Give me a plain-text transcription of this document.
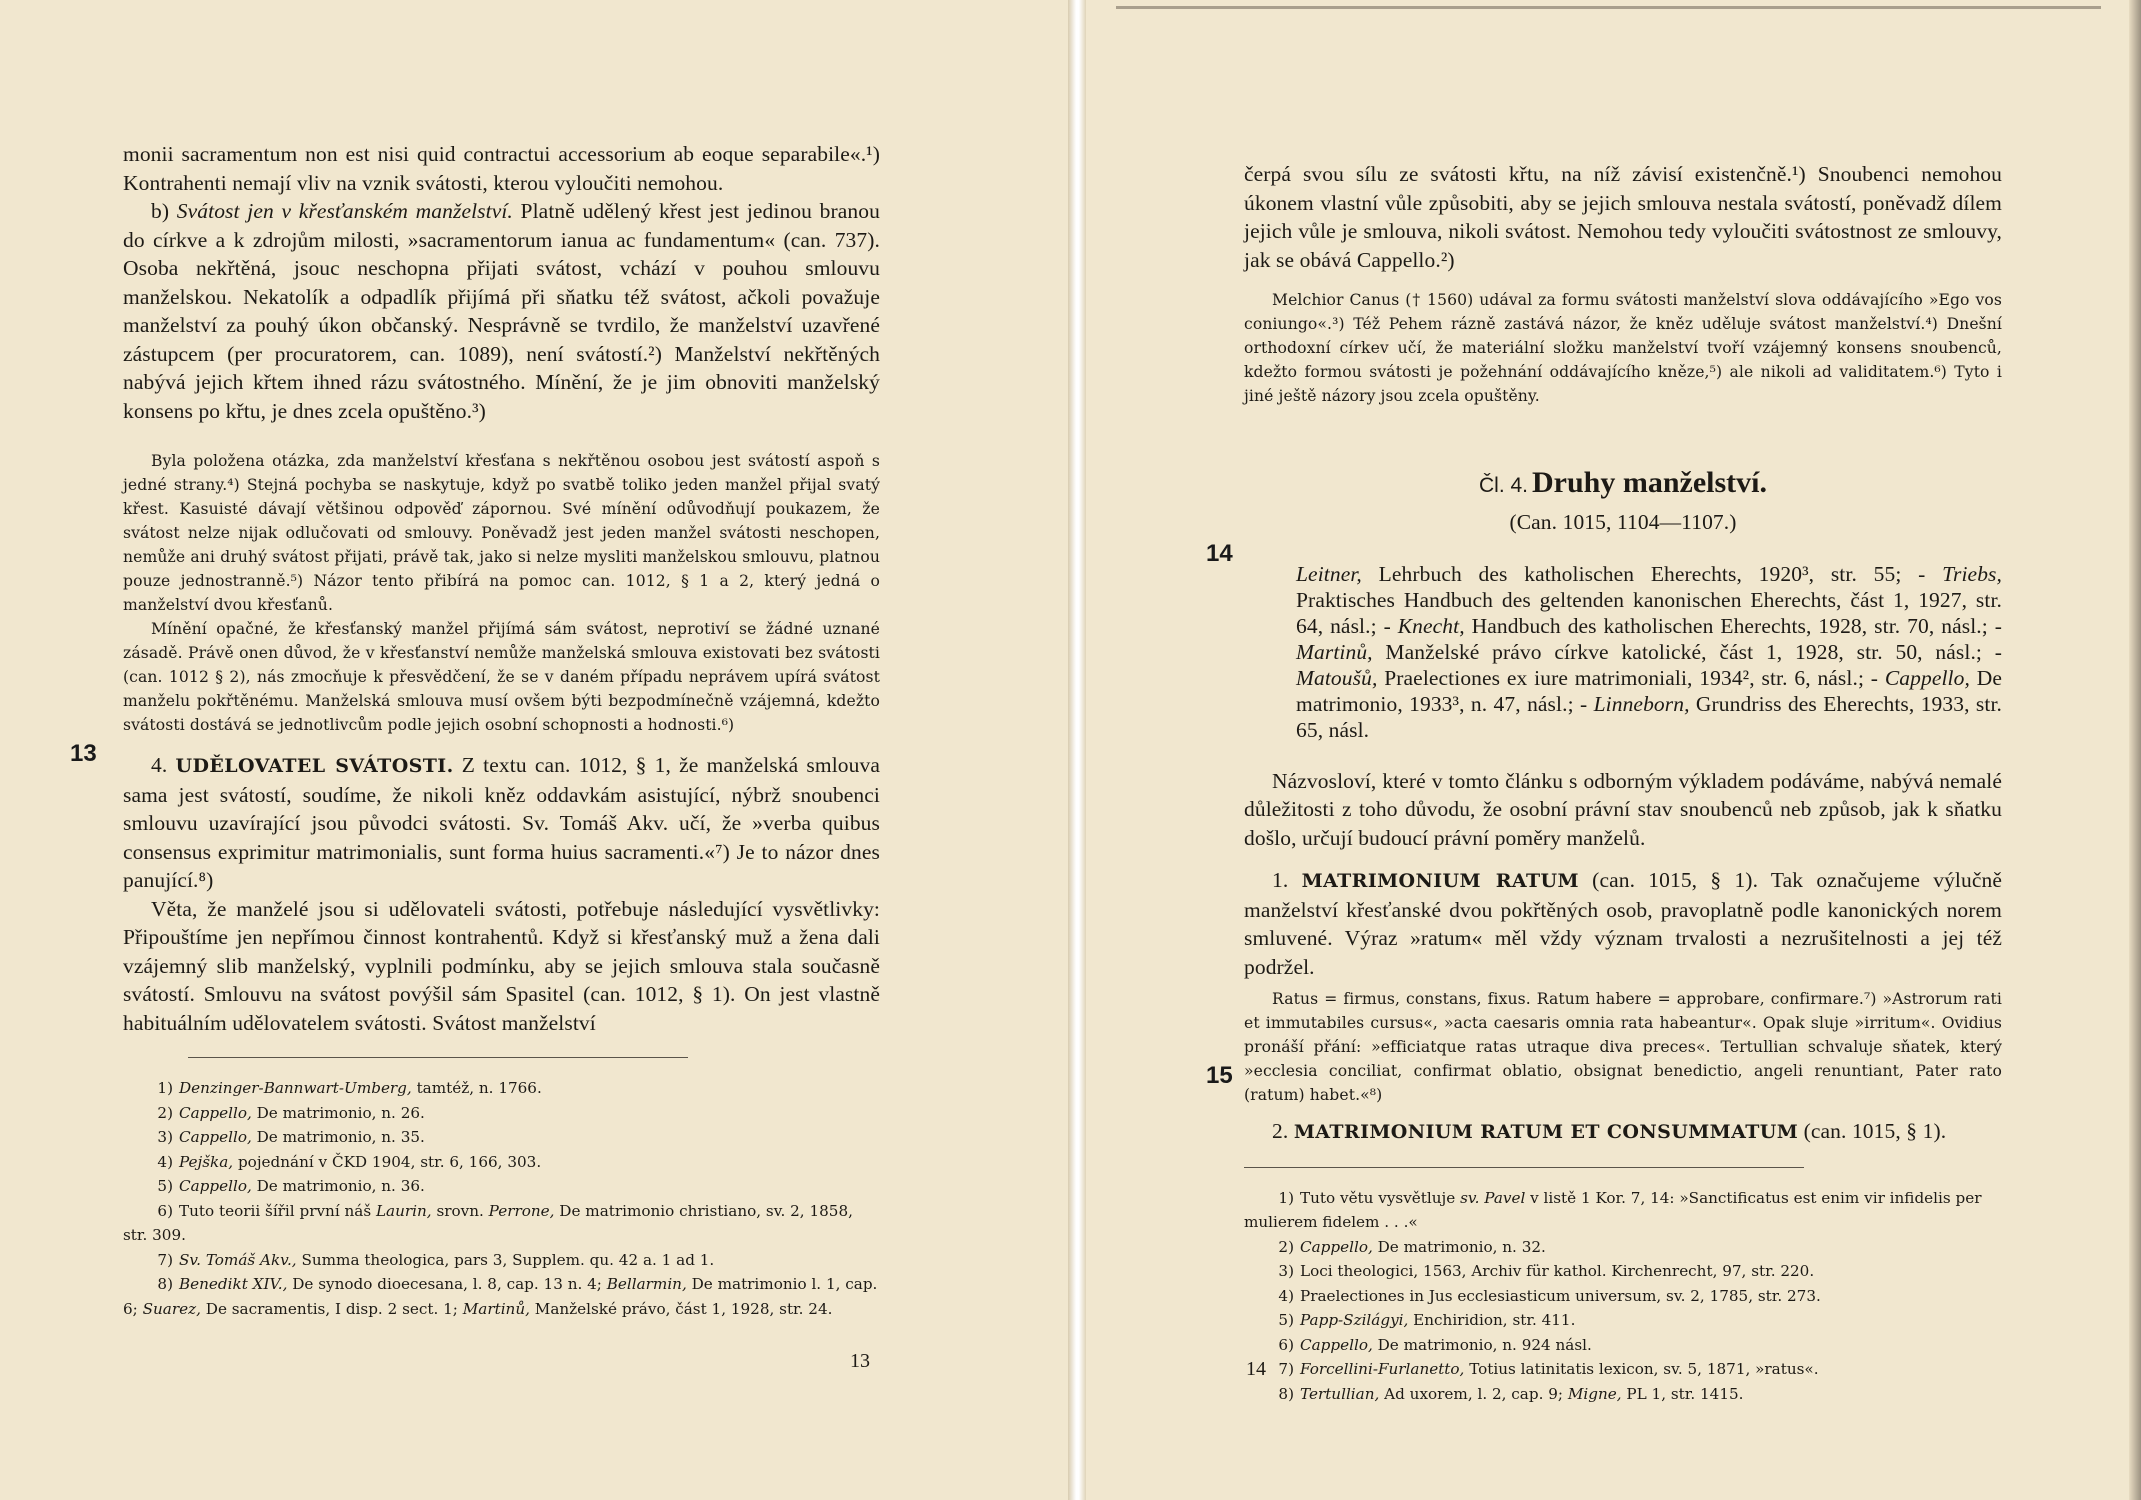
monii sacramentum non est nisi quid contractui accessorium ab eoque separabile«.¹) Kontrahenti nemají vliv na vznik svátosti, kterou vyloučiti nemohou.

b) Svátost jen v křesťanském manželství. Platně udělený křest jest jedinou branou do církve a k zdrojům milosti, »sacramentorum ianua ac fundamentum« (can. 737). Osoba nekřtěná, jsouc neschopna přijati svátost, vchází v pouhou smlouvu manželskou. Nekatolík a odpadlík přijímá při sňatku též svátost, ačkoli považuje manželství za pouhý úkon občanský. Nesprávně se tvrdilo, že manželství uzavřené zástupcem (per procuratorem, can. 1089), není svátostí.²) Manželství nekřtěných nabývá jejich křtem ihned rázu svátostného. Mínění, že je jim obnoviti manželský konsens po křtu, je dnes zcela opuštěno.³)

Byla položena otázka, zda manželství křesťana s nekřtěnou osobou jest svátostí aspoň s jedné strany.⁴) Stejná pochyba se naskytuje, když po svatbě toliko jeden manžel přijal svatý křest. Kasuisté dávají většinou odpověď zápornou. Své mínění odůvodňují poukazem, že svátost nelze nijak odlučovati od smlouvy. Poněvadž jest jeden manžel svátosti neschopen, nemůže ani druhý svátost přijati, právě tak, jako si nelze mysliti manželskou smlouvu, platnou pouze jednostranně.⁵) Názor tento přibírá na pomoc can. 1012, § 1 a 2, který jedná o manželství dvou křesťanů.

Mínění opačné, že křesťanský manžel přijímá sám svátost, neprotiví se žádné uznané zásadě. Právě onen důvod, že v křesťanství nemůže manželská smlouva existovati bez svátosti (can. 1012 § 2), nás zmocňuje k přesvědčení, že se v daném případu neprávem upírá svátost manželu pokřtěnému. Manželská smlouva musí ovšem býti bezpodmínečně vzájemná, kdežto svátosti dostává se jednotlivcům podle jejich osobní schopnosti a hodnosti.⁶)

4. UDĚLOVATEL SVÁTOSTI. Z textu can. 1012, § 1, že manželská smlouva sama jest svátostí, soudíme, že nikoli kněz oddavkám asistující, nýbrž snoubenci smlouvu uzavírající jsou původci svátosti. Sv. Tomáš Akv. učí, že »verba quibus consensus exprimitur matrimonialis, sunt forma huius sacramenti.«⁷) Je to názor dnes panující.⁸)

Věta, že manželé jsou si udělovateli svátosti, potřebuje následující vysvětlivky: Připouštíme jen nepřímou činnost kontrahentů. Když si křesťanský muž a žena dali vzájemný slib manželský, vyplnili podmínku, aby se jejich smlouva stala současně svátostí. Smlouvu na svátost povýšil sám Spasitel (can. 1012, § 1). On jest vlastně habituálním udělovatelem svátosti. Svátost manželství

1) Denzinger-Bannwart-Umberg, tamtéž, n. 1766.

2) Cappello, De matrimonio, n. 26.

3) Cappello, De matrimonio, n. 35.

4) Pejška, pojednání v ČKD 1904, str. 6, 166, 303.

5) Cappello, De matrimonio, n. 36.

6) Tuto teorii šířil první náš Laurin, srovn. Perrone, De matrimonio christiano, sv. 2, 1858, str. 309.

7) Sv. Tomáš Akv., Summa theologica, pars 3, Supplem. qu. 42 a. 1 ad 1.

8) Benedikt XIV., De synodo dioecesana, l. 8, cap. 13 n. 4; Bellarmin, De matrimonio l. 1, cap. 6; Suarez, De sacramentis, I disp. 2 sect. 1; Martinů, Manželské právo, část 1, 1928, str. 24.

13
13

čerpá svou sílu ze svátosti křtu, na níž závisí existenčně.¹) Snoubenci nemohou úkonem vlastní vůle způsobiti, aby se jejich smlouva nestala svátostí, poněvadž dílem jejich vůle je smlouva, nikoli svátost. Nemohou tedy vyloučiti svátostnost ze smlouvy, jak se obává Cappello.²)

Melchior Canus († 1560) udával za formu svátosti manželství slova oddávajícího »Ego vos coniungo«.³) Též Pehem rázně zastává názor, že kněz uděluje svátost manželství.⁴) Dnešní orthodoxní církev učí, že materiální složku manželství tvoří vzájemný konsens snoubenců, kdežto formou svátosti je požehnání oddávajícího kněze,⁵) ale nikoli ad validitatem.⁶) Tyto i jiné ještě názory jsou zcela opuštěny.

Čl. 4. Druhy manželství.

(Can. 1015, 1104—1107.)

Leitner, Lehrbuch des katholischen Eherechts, 1920³, str. 55; - Triebs, Praktisches Handbuch des geltenden kanonischen Eherechts, část 1, 1927, str. 64, násl.; - Knecht, Handbuch des katholischen Eherechts, 1928, str. 70, násl.; - Martinů, Manželské právo církve katolické, část 1, 1928, str. 50, násl.; - Matoušů, Praelectiones ex iure matrimoniali, 1934², str. 6, násl.; - Cappello, De matrimonio, 1933³, n. 47, násl.; - Linneborn, Grundriss des Eherechts, 1933, str. 65, násl.

Názvosloví, které v tomto článku s odborným výkladem podáváme, nabývá nemalé důležitosti z toho důvodu, že osobní právní stav snoubenců neb způsob, jak k sňatku došlo, určují budoucí právní poměry manželů.

1. MATRIMONIUM RATUM (can. 1015, § 1). Tak označujeme výlučně manželství křesťanské dvou pokřtěných osob, pravoplatně podle kanonických norem smluvené. Výraz »ratum« měl vždy význam trvalosti a nezrušitelnosti a jej též podržel.

Ratus = firmus, constans, fixus. Ratum habere = approbare, confirmare.⁷) »Astrorum rati et immutabiles cursus«, »acta caesaris omnia rata habeantur«. Opak sluje »irritum«. Ovidius pronáší přání: »efficiatque ratas utraque diva preces«. Tertullian schvaluje sňatek, který »ecclesia conciliat, confirmat oblatio, obsignat benedictio, angeli renuntiant, Pater rato (ratum) habet.«⁸)

2. MATRIMONIUM RATUM ET CONSUMMATUM (can. 1015, § 1).

1) Tuto větu vysvětluje sv. Pavel v listě 1 Kor. 7, 14: »Sanctificatus est enim vir infidelis per mulierem fidelem . . .«

2) Cappello, De matrimonio, n. 32.

3) Loci theologici, 1563, Archiv für kathol. Kirchenrecht, 97, str. 220.

4) Praelectiones in Jus ecclesiasticum universum, sv. 2, 1785, str. 273.

5) Papp-Szilágyi, Enchiridion, str. 411.

6) Cappello, De matrimonio, n. 924 násl.

7) Forcellini-Furlanetto, Totius latinitatis lexicon, sv. 5, 1871, »ratus«.

8) Tertullian, Ad uxorem, l. 2, cap. 9; Migne, PL 1, str. 1415.

14
15
14
